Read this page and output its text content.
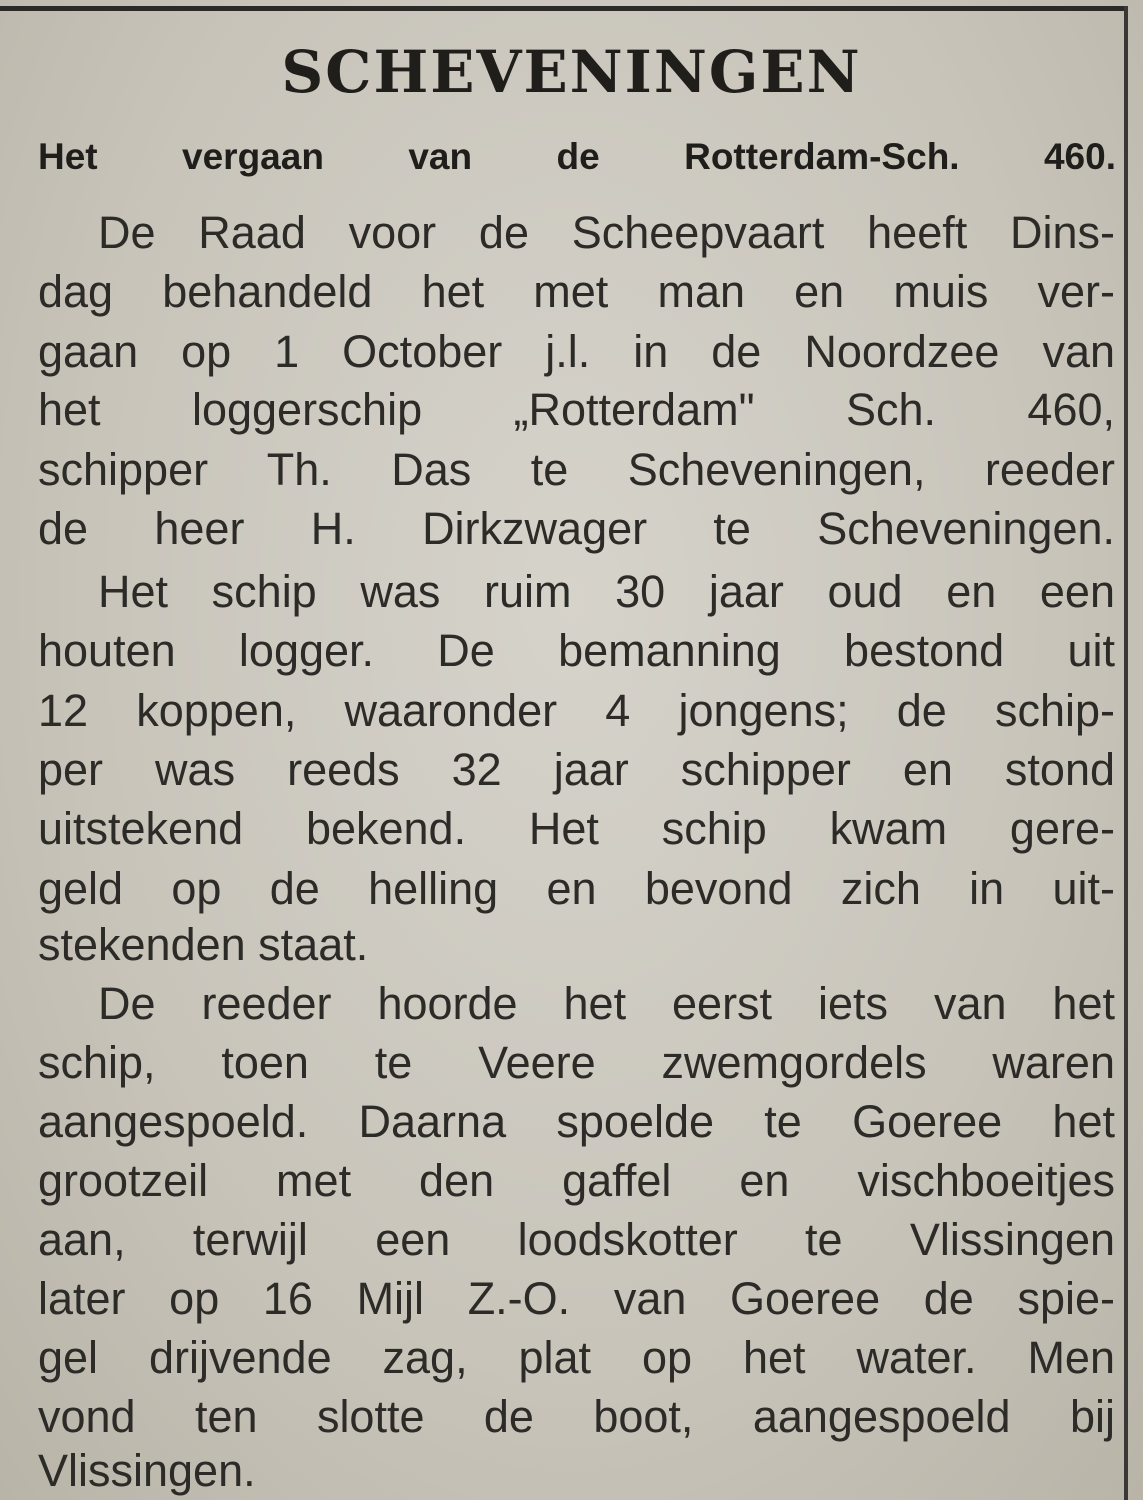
SCHEVENINGEN
Het vergaan van de Rotterdam-Sch. 460.
De Raad voor de Scheepvaart heeft Dins-
dag behandeld het met man en muis ver-
gaan op 1 October j.l. in de Noordzee van
het loggerschip „Rotterdam" Sch. 460,
schipper Th. Das te Scheveningen, reeder
de heer H. Dirkzwager te Scheveningen.
Het schip was ruim 30 jaar oud en een
houten logger. De bemanning bestond uit
12 koppen, waaronder 4 jongens; de schip-
per was reeds 32 jaar schipper en stond
uitstekend bekend. Het schip kwam gere-
geld op de helling en bevond zich in uit-
stekenden staat.
De reeder hoorde het eerst iets van het
schip, toen te Veere zwemgordels waren
aangespoeld. Daarna spoelde te Goeree het
grootzeil met den gaffel en vischboeitjes
aan, terwijl een loodskotter te Vlissingen
later op 16 Mijl Z.-O. van Goeree de spie-
gel drijvende zag, plat op het water. Men
vond ten slotte de boot, aangespoeld bij
Vlissingen.
